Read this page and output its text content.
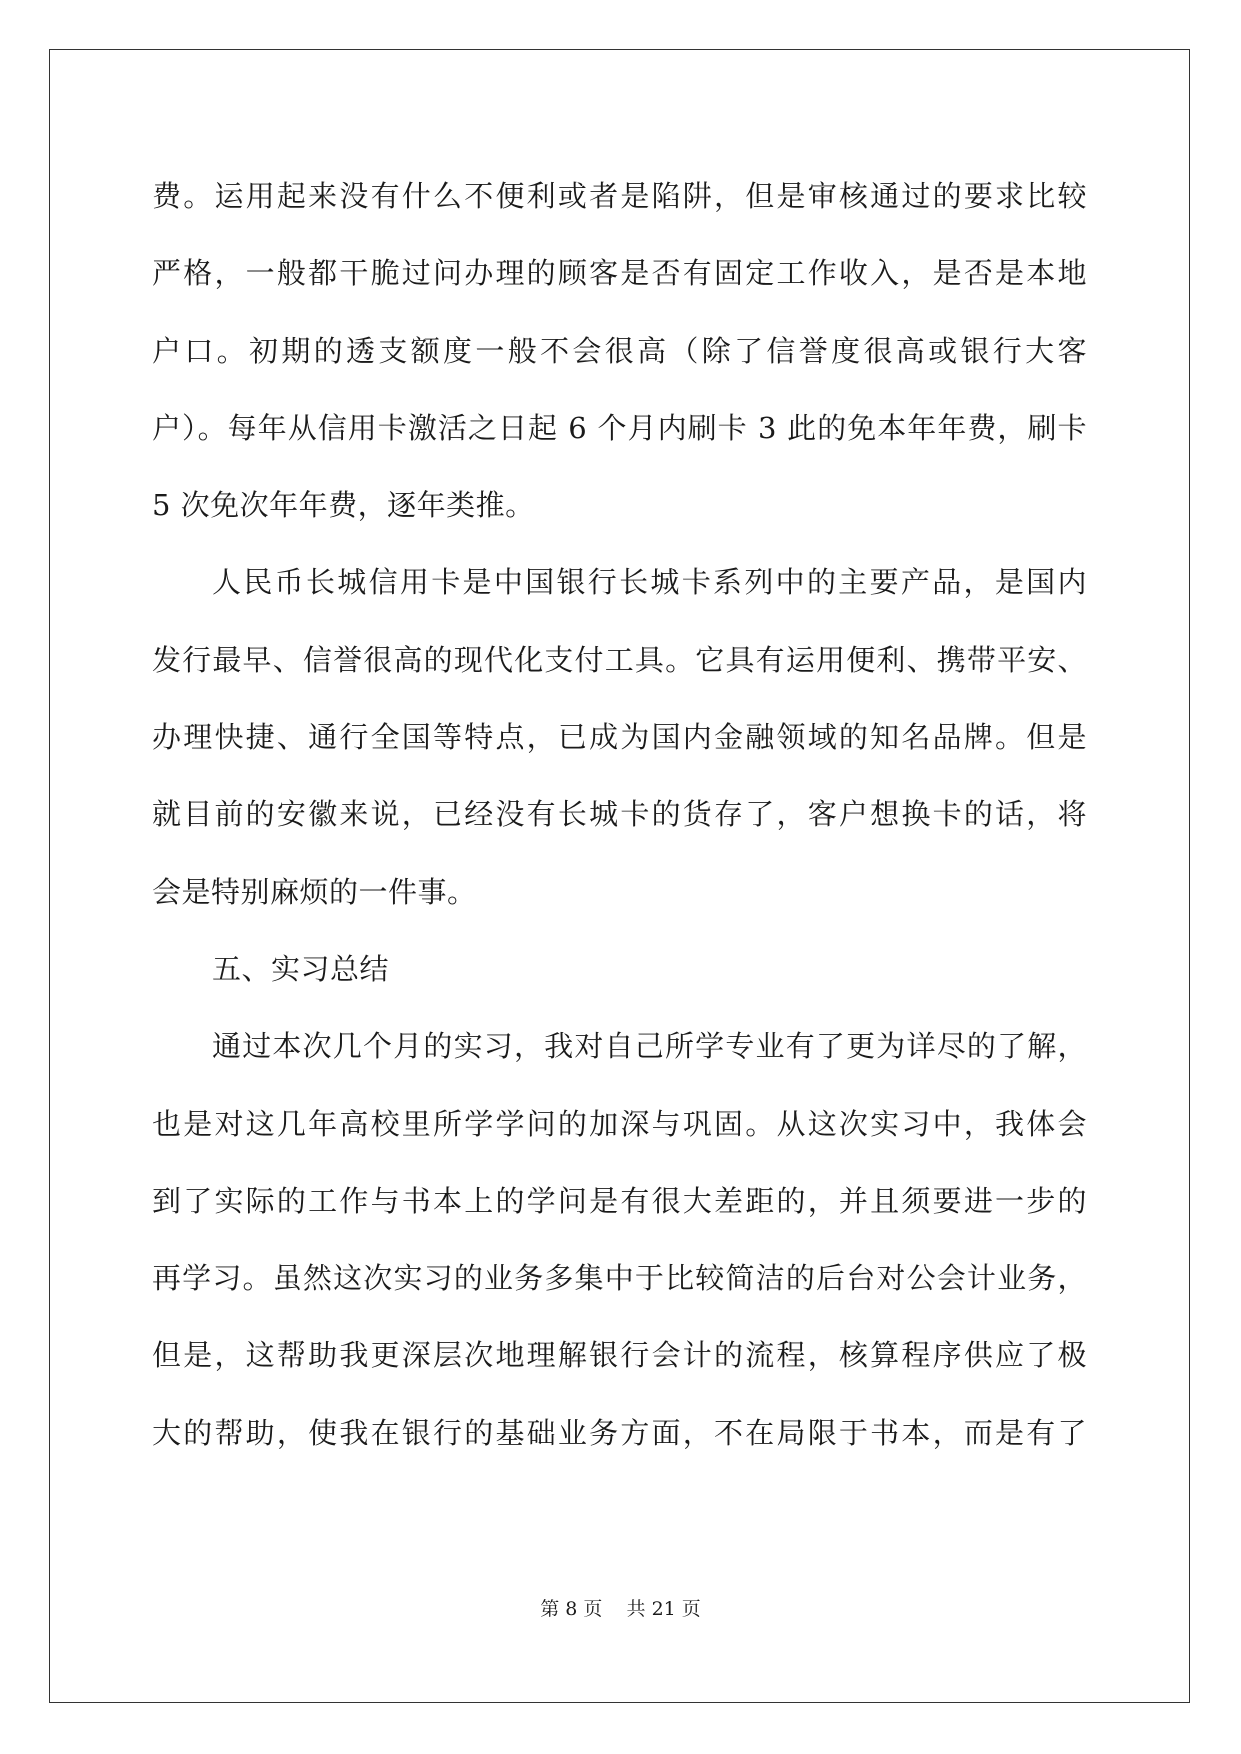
费。运用起来没有什么不便利或者是陷阱，但是审核通过的要求比较
严格，一般都干脆过问办理的顾客是否有固定工作收入，是否是本地
户口。初期的透支额度一般不会很高（除了信誉度很高或银行大客
户）。每年从信用卡激活之日起 6 个月内刷卡 3 此的免本年年费，刷卡
5 次免次年年费，逐年类推。
人民币长城信用卡是中国银行长城卡系列中的主要产品，是国内
发行最早、信誉很高的现代化支付工具。它具有运用便利、携带平安、
办理快捷、通行全国等特点，已成为国内金融领域的知名品牌。但是
就目前的安徽来说，已经没有长城卡的货存了，客户想换卡的话，将
会是特别麻烦的一件事。
五、实习总结
通过本次几个月的实习，我对自己所学专业有了更为详尽的了解，
也是对这几年高校里所学学问的加深与巩固。从这次实习中，我体会
到了实际的工作与书本上的学问是有很大差距的，并且须要进一步的
再学习。虽然这次实习的业务多集中于比较简洁的后台对公会计业务，
但是，这帮助我更深层次地理解银行会计的流程，核算程序供应了极
大的帮助，使我在银行的基础业务方面，不在局限于书本，而是有了
第 8 页 共 21 页
